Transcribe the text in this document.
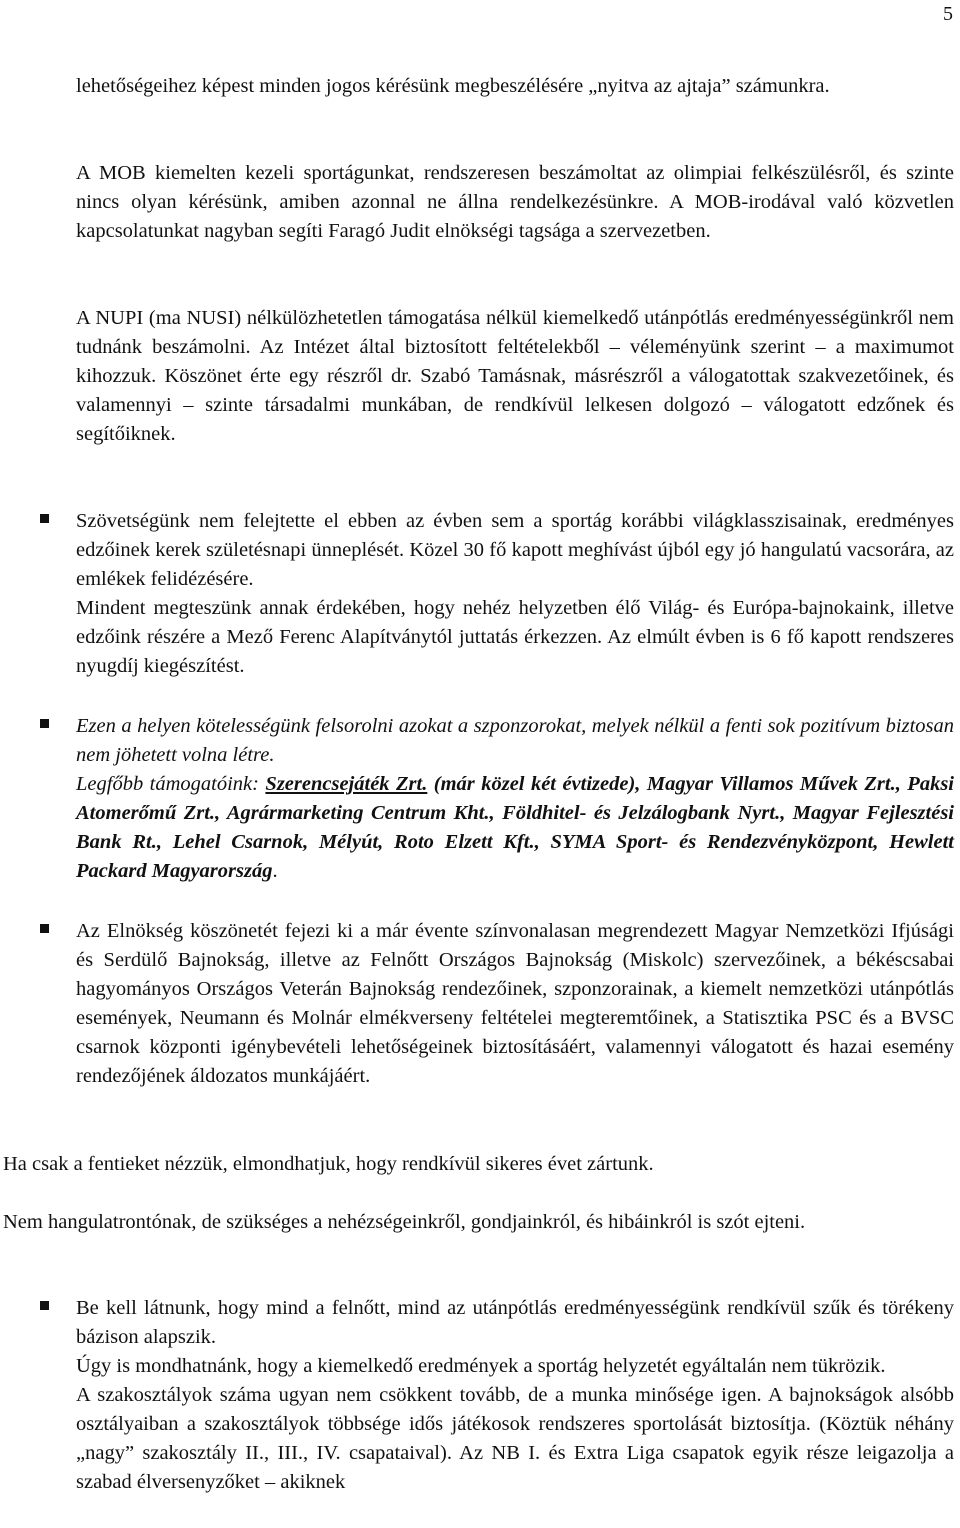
5

lehetőségeihez képest minden jogos kérésünk megbeszélésére „nyitva az ajtaja” számunkra.

A MOB kiemelten kezeli sportágunkat, rendszeresen beszámoltat az olimpiai felkészülésről, és szinte nincs olyan kérésünk, amiben azonnal ne állna rendelkezésünkre. A MOB-irodával való közvetlen kapcsolatunkat nagyban segíti Faragó Judit elnökségi tagsága a szervezetben.

A NUPI (ma NUSI) nélkülözhetetlen támogatása nélkül kiemelkedő utánpótlás eredményességünkről nem tudnánk beszámolni. Az Intézet által biztosított feltételekből – véleményünk szerint – a maximumot kihozzuk. Köszönet érte egy részről dr. Szabó Tamásnak, másrészről a válogatottak szakvezetőinek, és valamennyi – szinte társadalmi munkában, de rendkívül lelkesen dolgozó – válogatott edzőnek és segítőiknek.

Szövetségünk nem felejtette el ebben az évben sem a sportág korábbi világklasszisainak, eredményes edzőinek kerek születésnapi ünneplését. Közel 30 fő kapott meghívást újból egy jó hangulatú vacsorára, az emlékek felidézésére.

Mindent megteszünk annak érdekében, hogy nehéz helyzetben élő Világ- és Európa-bajnokaink, illetve edzőink részére a Mező Ferenc Alapítványtól juttatás érkezzen. Az elmúlt évben is 6 fő kapott rendszeres nyugdíj kiegészítést.

Ezen a helyen kötelességünk felsorolni azokat a szponzorokat, melyek nélkül a fenti sok pozitívum biztosan nem jöhetett volna létre.

Legfőbb támogatóink: Szerencsejáték Zrt. (már közel két évtizede), Magyar Villamos Művek Zrt., Paksi Atomerőmű Zrt., Agrármarketing Centrum Kht., Földhitel- és Jelzálogbank Nyrt., Magyar Fejlesztési Bank Rt., Lehel Csarnok, Mélyút, Roto Elzett Kft., SYMA Sport- és Rendezvényközpont, Hewlett Packard Magyarország.

Az Elnökség köszönetét fejezi ki a már évente színvonalasan megrendezett Magyar Nemzetközi Ifjúsági és Serdülő Bajnokság, illetve az Felnőtt Országos Bajnokság (Miskolc) szervezőinek, a békéscsabai hagyományos Országos Veterán Bajnokság rendezőinek, szponzorainak, a kiemelt nemzetközi utánpótlás események, Neumann és Molnár elmékverseny feltételei megteremtőinek, a Statisztika PSC és a BVSC csarnok központi igénybevételi lehetőségeinek biztosításáért, valamennyi válogatott és hazai esemény rendezőjének áldozatos munkájáért.

Ha csak a fentieket nézzük, elmondhatjuk, hogy rendkívül sikeres évet zártunk.

Nem hangulatrontónak, de szükséges a nehézségeinkről, gondjainkról, és hibáinkról is szót ejteni.

Be kell látnunk, hogy mind a felnőtt, mind az utánpótlás eredményességünk rendkívül szűk és törékeny bázison alapszik.

Úgy is mondhatnánk, hogy a kiemelkedő eredmények a sportág helyzetét egyáltalán nem tükrözik.

A szakosztályok száma ugyan nem csökkent tovább, de a munka minősége igen. A bajnokságok alsóbb osztályaiban a szakosztályok többsége idős játékosok rendszeres sportolását biztosítja. (Köztük néhány „nagy” szakosztály II., III., IV. csapataival). Az NB I. és Extra Liga csapatok egyik része leigazolja a szabad élversenyzőket – akiknek
